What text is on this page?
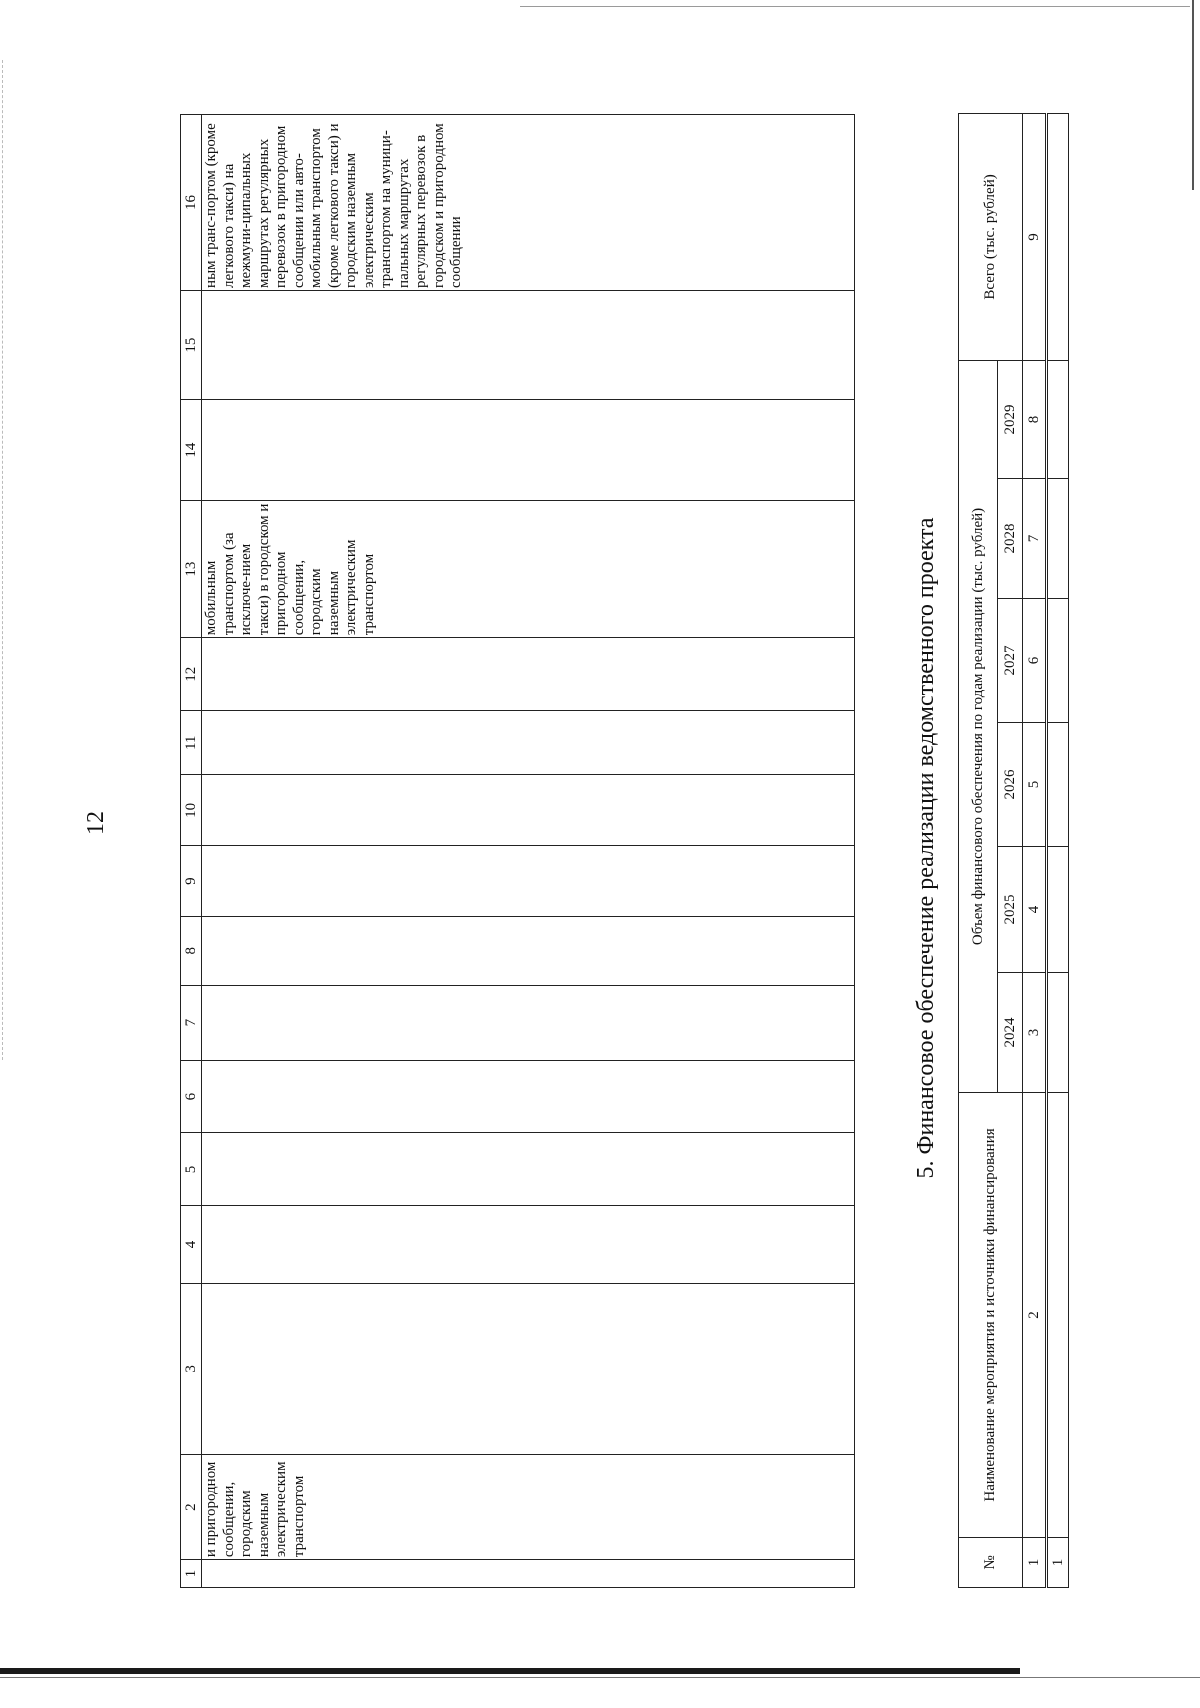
12
1	2	3	4	5	6	7	8	9	10	11	12	13	14	15	16
	и пригородном сообщении, городским наземным электрическим транспортом											мобильным транспортом (за исключе-нием такси) в городском и пригородном сообщении, городским наземным электрическим транспортом			ным транс-портом (кроме легкового такси) на межмуни-ципальных маршрутах регулярных перевозок в пригородном сообщении или авто-мобильным транспортом (кроме легкового такси) и городским наземным электрическим транспортом на муници-пальных маршрутах регулярных перевозок в городском и пригородном сообщении
5. Финансовое обеспечение реализации ведомственного проекта
№	Наименование мероприятия и источники финансирования	Объем финансового обеспечения по годам реализации (тыс. рублей)						Всего (тыс. рублей)
		2024	2025	2026	2027	2028	2029	
1	2	3	4	5	6	7	8	9
1								
